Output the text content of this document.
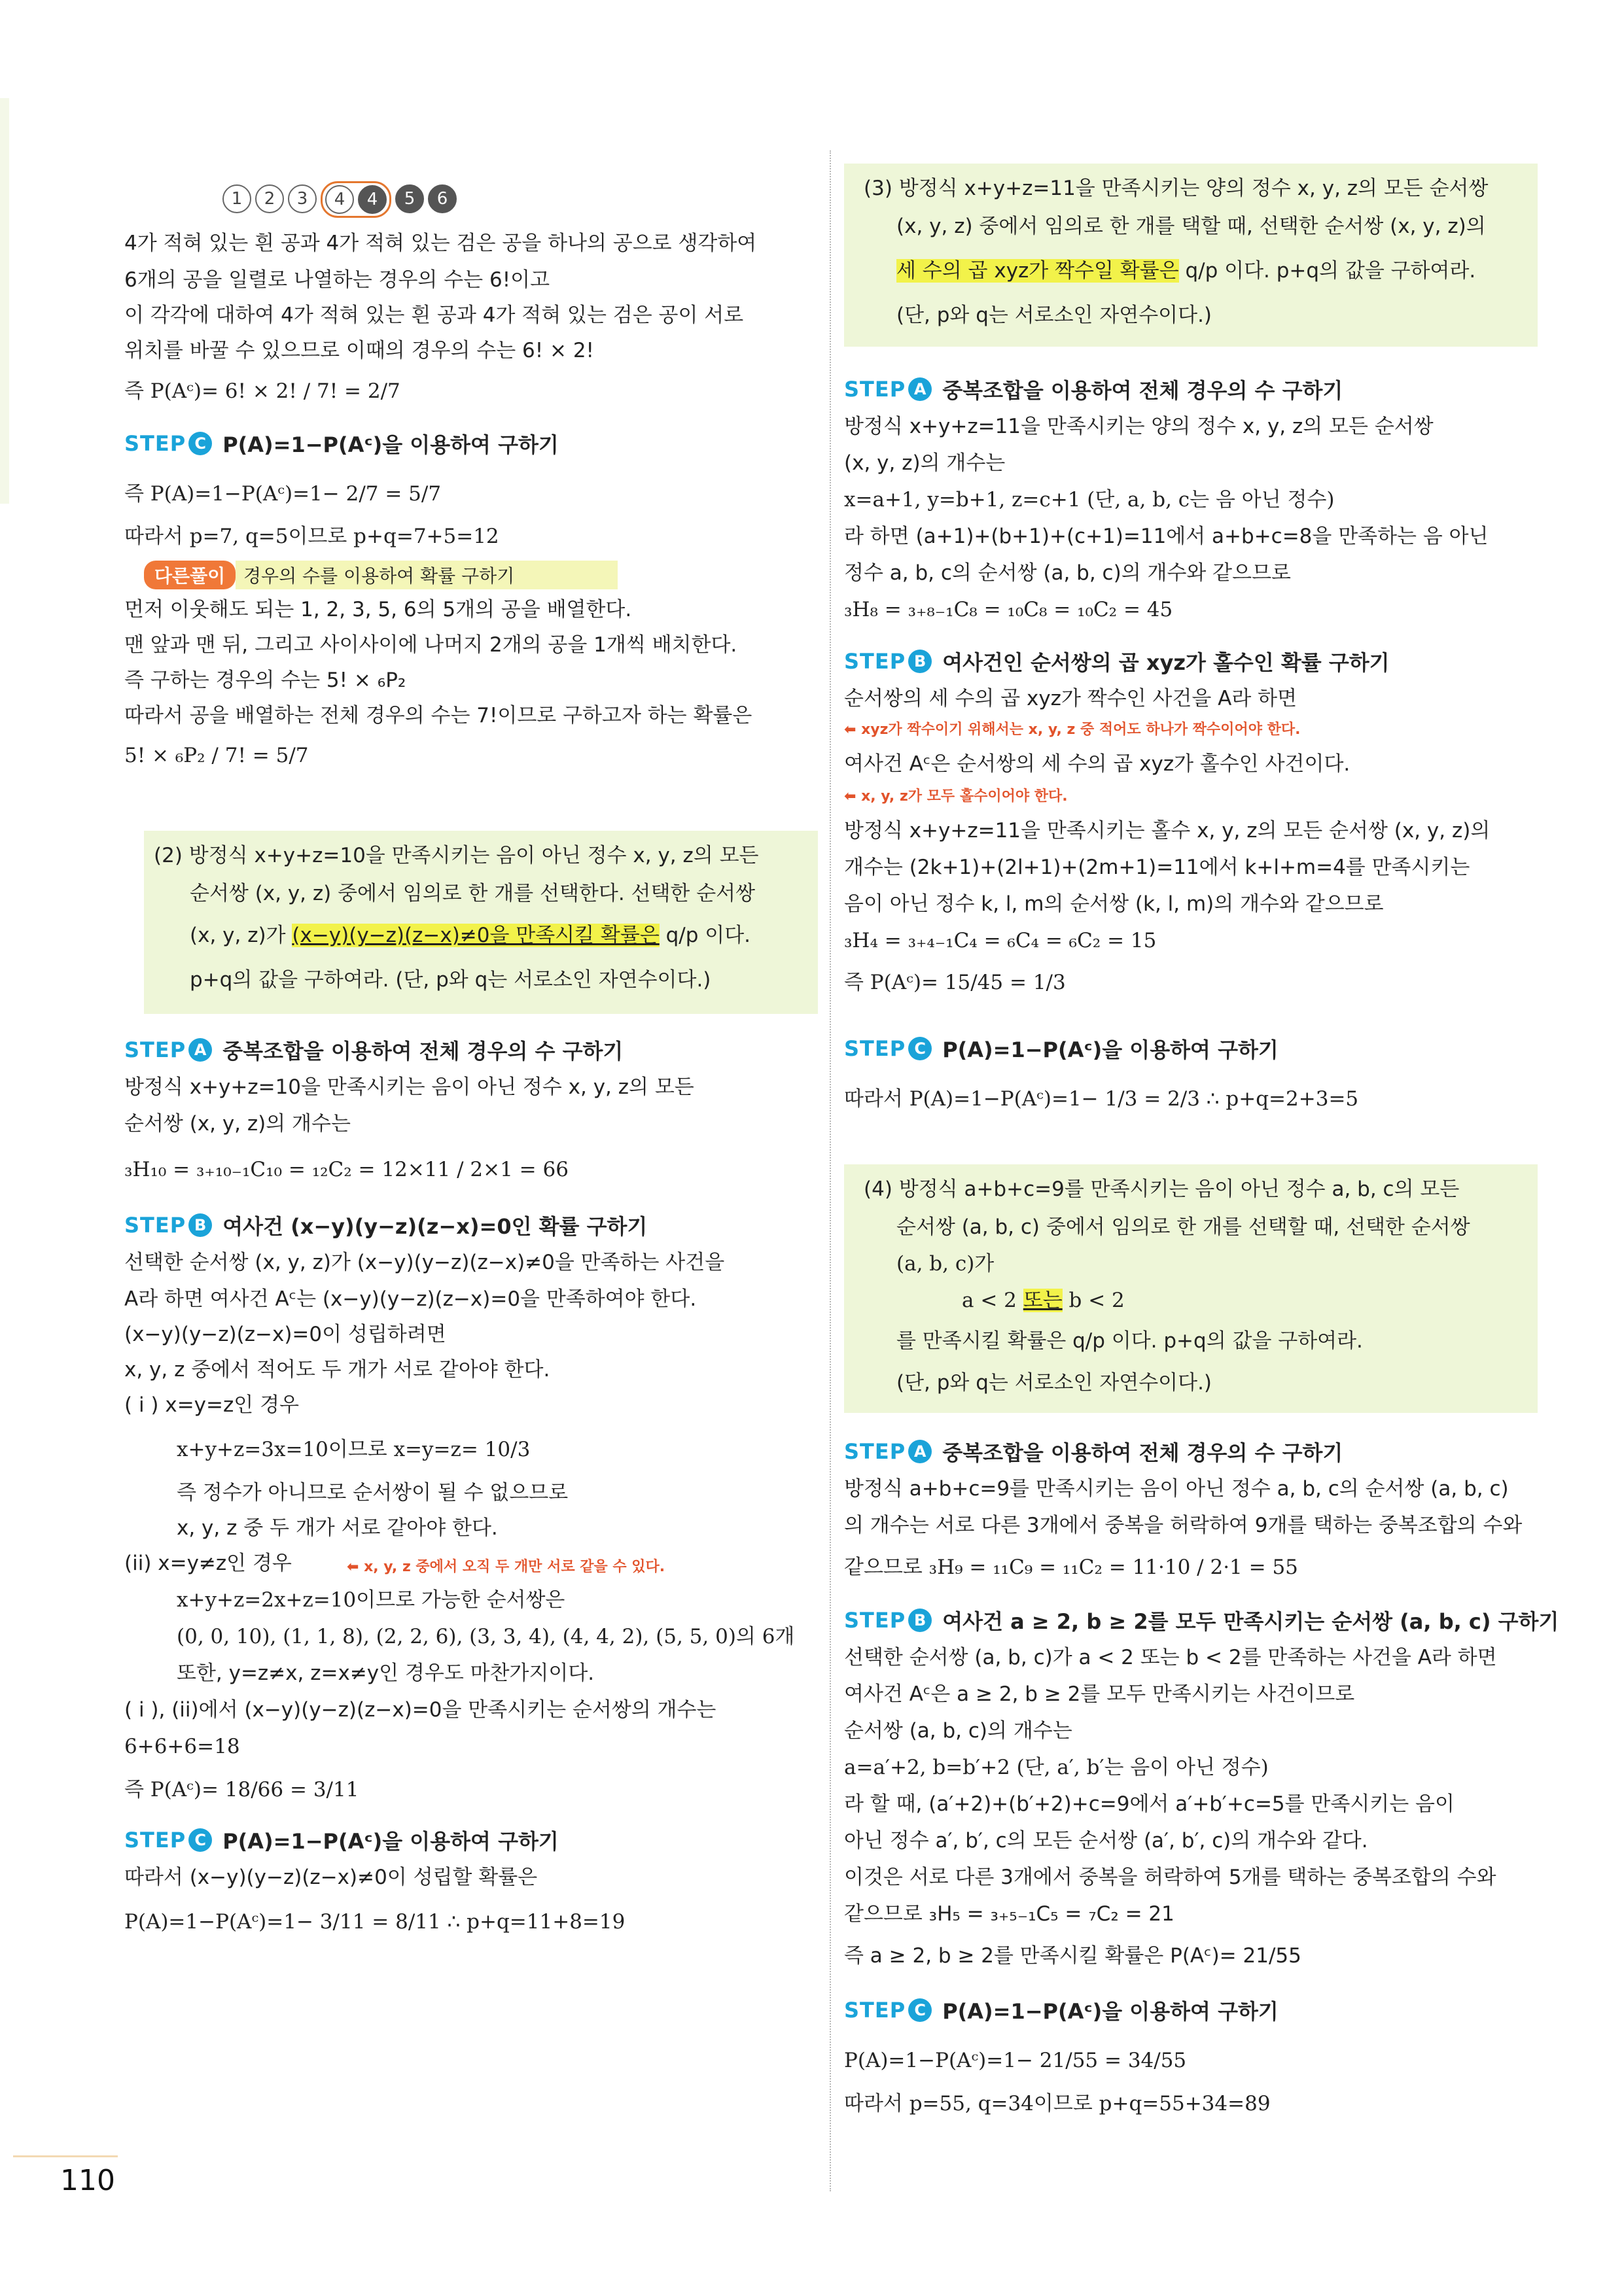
1	2	3	4	4	5	6
4가 적혀 있는 흰 공과 4가 적혀 있는 검은 공을 하나의 공으로 생각하여
6개의 공을 일렬로 나열하는 경우의 수는 6!이고
이 각각에 대하여 4가 적혀 있는 흰 공과 4가 적혀 있는 검은 공이 서로
위치를 바꿀 수 있으므로 이때의 경우의 수는 6! × 2!
즉 P(Aᶜ)= 6! × 2! / 7! = 2/7
STEP C P(A)=1−P(Aᶜ)을 이용하여 구하기
즉 P(A)=1−P(Aᶜ)=1− 2/7 = 5/7
따라서 p=7, q=5이므로 p+q=7+5=12
다른풀이 경우의 수를 이용하여 확률 구하기
먼저 이웃해도 되는 1, 2, 3, 5, 6의 5개의 공을 배열한다.
맨 앞과 맨 뒤, 그리고 사이사이에 나머지 2개의 공을 1개씩 배치한다.
즉 구하는 경우의 수는 5! × ₆P₂
따라서 공을 배열하는 전체 경우의 수는 7!이므로 구하고자 하는 확률은
5! × ₆P₂ / 7! = 5/7
(2) 방정식 x+y+z=10을 만족시키는 음이 아닌 정수 x, y, z의 모든
순서쌍 (x, y, z) 중에서 임의로 한 개를 선택한다. 선택한 순서쌍
(x, y, z)가 (x−y)(y−z)(z−x)≠0을 만족시킬 확률은 q/p 이다.
p+q의 값을 구하여라. (단, p와 q는 서로소인 자연수이다.)
STEP A 중복조합을 이용하여 전체 경우의 수 구하기
방정식 x+y+z=10을 만족시키는 음이 아닌 정수 x, y, z의 모든
순서쌍 (x, y, z)의 개수는
₃H₁₀ = ₃₊₁₀₋₁C₁₀ = ₁₂C₂ = 12×11 / 2×1 = 66
STEP B 여사건 (x−y)(y−z)(z−x)=0인 확률 구하기
선택한 순서쌍 (x, y, z)가 (x−y)(y−z)(z−x)≠0을 만족하는 사건을
A라 하면 여사건 Aᶜ는 (x−y)(y−z)(z−x)=0을 만족하여야 한다.
(x−y)(y−z)(z−x)=0이 성립하려면
x, y, z 중에서 적어도 두 개가 서로 같아야 한다.
( i ) x=y=z인 경우
x+y+z=3x=10이므로 x=y=z= 10/3
즉 정수가 아니므로 순서쌍이 될 수 없으므로
x, y, z 중 두 개가 서로 같아야 한다.
(ii) x=y≠z인 경우	⬅ x, y, z 중에서 오직 두 개만 서로 같을 수 있다.
x+y+z=2x+z=10이므로 가능한 순서쌍은
(0, 0, 10), (1, 1, 8), (2, 2, 6), (3, 3, 4), (4, 4, 2), (5, 5, 0)의 6개
또한, y=z≠x, z=x≠y인 경우도 마찬가지이다.
( i ), (ii)에서 (x−y)(y−z)(z−x)=0을 만족시키는 순서쌍의 개수는
6+6+6=18
즉 P(Aᶜ)= 18/66 = 3/11
STEP C P(A)=1−P(Aᶜ)을 이용하여 구하기
따라서 (x−y)(y−z)(z−x)≠0이 성립할 확률은
P(A)=1−P(Aᶜ)=1− 3/11 = 8/11 ∴ p+q=11+8=19
(3) 방정식 x+y+z=11을 만족시키는 양의 정수 x, y, z의 모든 순서쌍
(x, y, z) 중에서 임의로 한 개를 택할 때, 선택한 순서쌍 (x, y, z)의
세 수의 곱 xyz가 짝수일 확률은 q/p 이다. p+q의 값을 구하여라.
(단, p와 q는 서로소인 자연수이다.)
STEP A 중복조합을 이용하여 전체 경우의 수 구하기
방정식 x+y+z=11을 만족시키는 양의 정수 x, y, z의 모든 순서쌍
(x, y, z)의 개수는
x=a+1, y=b+1, z=c+1 (단, a, b, c는 음 아닌 정수)
라 하면 (a+1)+(b+1)+(c+1)=11에서 a+b+c=8을 만족하는 음 아닌
정수 a, b, c의 순서쌍 (a, b, c)의 개수와 같으므로
₃H₈ = ₃₊₈₋₁C₈ = ₁₀C₈ = ₁₀C₂ = 45
STEP B 여사건인 순서쌍의 곱 xyz가 홀수인 확률 구하기
순서쌍의 세 수의 곱 xyz가 짝수인 사건을 A라 하면
⬅ xyz가 짝수이기 위해서는 x, y, z 중 적어도 하나가 짝수이어야 한다.
여사건 Aᶜ은 순서쌍의 세 수의 곱 xyz가 홀수인 사건이다.
⬅ x, y, z가 모두 홀수이어야 한다.
방정식 x+y+z=11을 만족시키는 홀수 x, y, z의 모든 순서쌍 (x, y, z)의
개수는 (2k+1)+(2l+1)+(2m+1)=11에서 k+l+m=4를 만족시키는
음이 아닌 정수 k, l, m의 순서쌍 (k, l, m)의 개수와 같으므로
₃H₄ = ₃₊₄₋₁C₄ = ₆C₄ = ₆C₂ = 15
즉 P(Aᶜ)= 15/45 = 1/3
STEP C P(A)=1−P(Aᶜ)을 이용하여 구하기
따라서 P(A)=1−P(Aᶜ)=1− 1/3 = 2/3 ∴ p+q=2+3=5
(4) 방정식 a+b+c=9를 만족시키는 음이 아닌 정수 a, b, c의 모든
순서쌍 (a, b, c) 중에서 임의로 한 개를 선택할 때, 선택한 순서쌍
(a, b, c)가
a < 2 또는 b < 2
를 만족시킬 확률은 q/p 이다. p+q의 값을 구하여라.
(단, p와 q는 서로소인 자연수이다.)
STEP A 중복조합을 이용하여 전체 경우의 수 구하기
방정식 a+b+c=9를 만족시키는 음이 아닌 정수 a, b, c의 순서쌍 (a, b, c)
의 개수는 서로 다른 3개에서 중복을 허락하여 9개를 택하는 중복조합의 수와
같으므로 ₃H₉ = ₁₁C₉ = ₁₁C₂ = 11·10 / 2·1 = 55
STEP B 여사건 a ≥ 2, b ≥ 2를 모두 만족시키는 순서쌍 (a, b, c) 구하기
선택한 순서쌍 (a, b, c)가 a < 2 또는 b < 2를 만족하는 사건을 A라 하면
여사건 Aᶜ은 a ≥ 2, b ≥ 2를 모두 만족시키는 사건이므로
순서쌍 (a, b, c)의 개수는
a=a′+2, b=b′+2 (단, a′, b′는 음이 아닌 정수)
라 할 때, (a′+2)+(b′+2)+c=9에서 a′+b′+c=5를 만족시키는 음이
아닌 정수 a′, b′, c의 모든 순서쌍 (a′, b′, c)의 개수와 같다.
이것은 서로 다른 3개에서 중복을 허락하여 5개를 택하는 중복조합의 수와
같으므로 ₃H₅ = ₃₊₅₋₁C₅ = ₇C₂ = 21
즉 a ≥ 2, b ≥ 2를 만족시킬 확률은 P(Aᶜ)= 21/55
STEP C P(A)=1−P(Aᶜ)을 이용하여 구하기
P(A)=1−P(Aᶜ)=1− 21/55 = 34/55
따라서 p=55, q=34이므로 p+q=55+34=89
110
